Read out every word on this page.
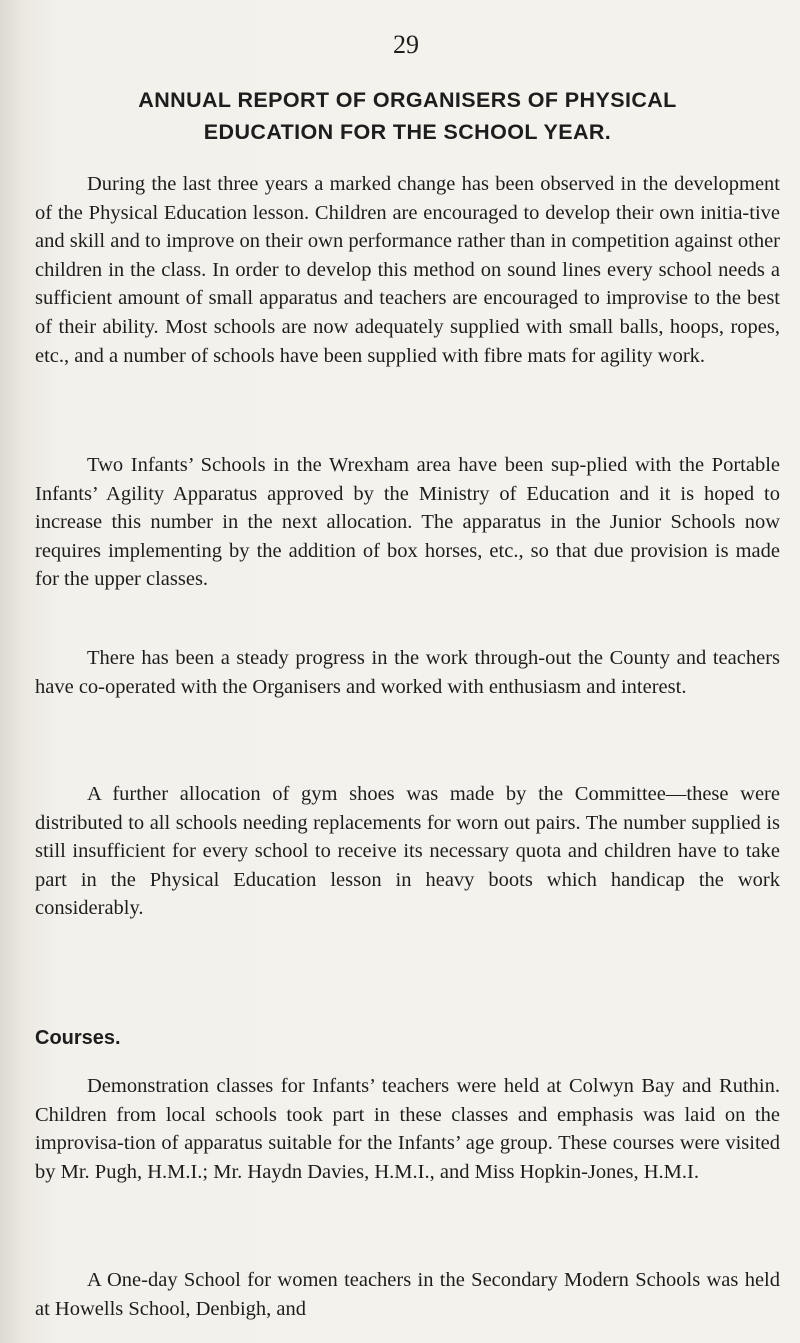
29
ANNUAL REPORT OF ORGANISERS OF PHYSICAL
EDUCATION FOR THE SCHOOL YEAR.

During the last three years a marked change has been observed in the development of the Physical Education lesson. Children are encouraged to develop their own initia-tive and skill and to improve on their own performance rather than in competition against other children in the class. In order to develop this method on sound lines every school needs a sufficient amount of small apparatus and teachers are encouraged to improvise to the best of their ability. Most schools are now adequately supplied with small balls, hoops, ropes, etc., and a number of schools have been supplied with fibre mats for agility work.

Two Infants’ Schools in the Wrexham area have been sup-plied with the Portable Infants’ Agility Apparatus approved by the Ministry of Education and it is hoped to increase this number in the next allocation. The apparatus in the Junior Schools now requires implementing by the addition of box horses, etc., so that due provision is made for the upper classes.

There has been a steady progress in the work through-out the County and teachers have co-operated with the Organisers and worked with enthusiasm and interest.

A further allocation of gym shoes was made by the Committee—these were distributed to all schools needing replacements for worn out pairs. The number supplied is still insufficient for every school to receive its necessary quota and children have to take part in the Physical Education lesson in heavy boots which handicap the work considerably.

Courses.

Demonstration classes for Infants’ teachers were held at Colwyn Bay and Ruthin. Children from local schools took part in these classes and emphasis was laid on the improvisa-tion of apparatus suitable for the Infants’ age group. These courses were visited by Mr. Pugh, H.M.I.; Mr. Haydn Davies, H.M.I., and Miss Hopkin-Jones, H.M.I.

A One-day School for women teachers in the Secondary Modern Schools was held at Howells School, Denbigh, and
